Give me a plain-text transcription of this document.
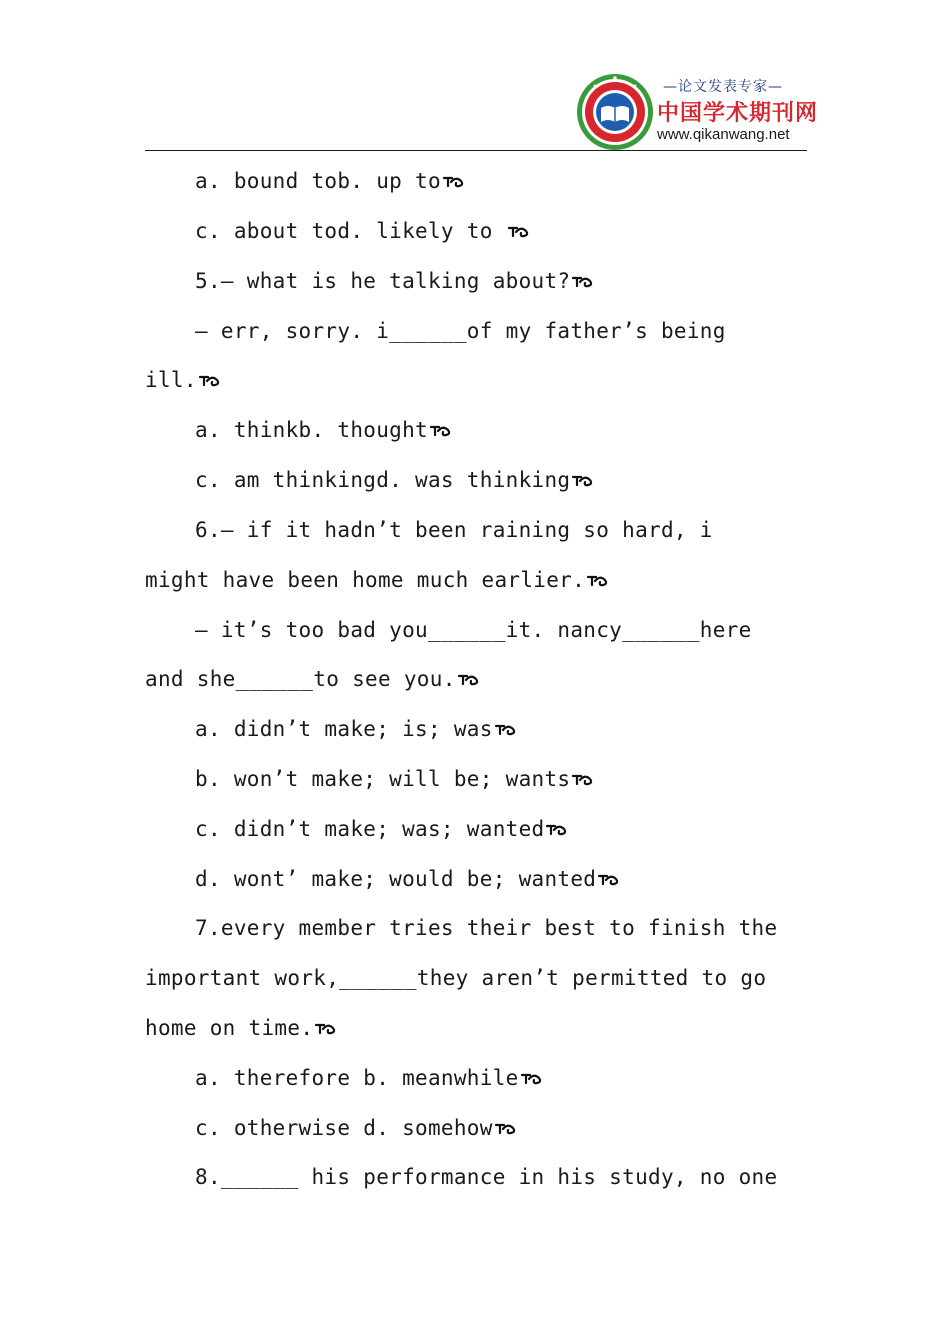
—论文发表专家—
中国学术期刊网
www.qikanwang.net
a. bound tob. up to
c. about tod. likely to
5.— what is he talking about?
— err, sorry. i______of my father’s being
ill.
a. thinkb. thought
c. am thinkingd. was thinking
6.— if it hadn’t been raining so hard, i
might have been home much earlier.
— it’s too bad you______it. nancy______here
and she______to see you.
a. didn’t make; is; was
b. won’t make; will be; wants
c. didn’t make; was; wanted
d. wont’ make; would be; wanted
7.every member tries their best to finish the
important work,______they aren’t permitted to go
home on time.
a. therefore b. meanwhile
c. otherwise d. somehow
8.______ his performance in his study, no one
